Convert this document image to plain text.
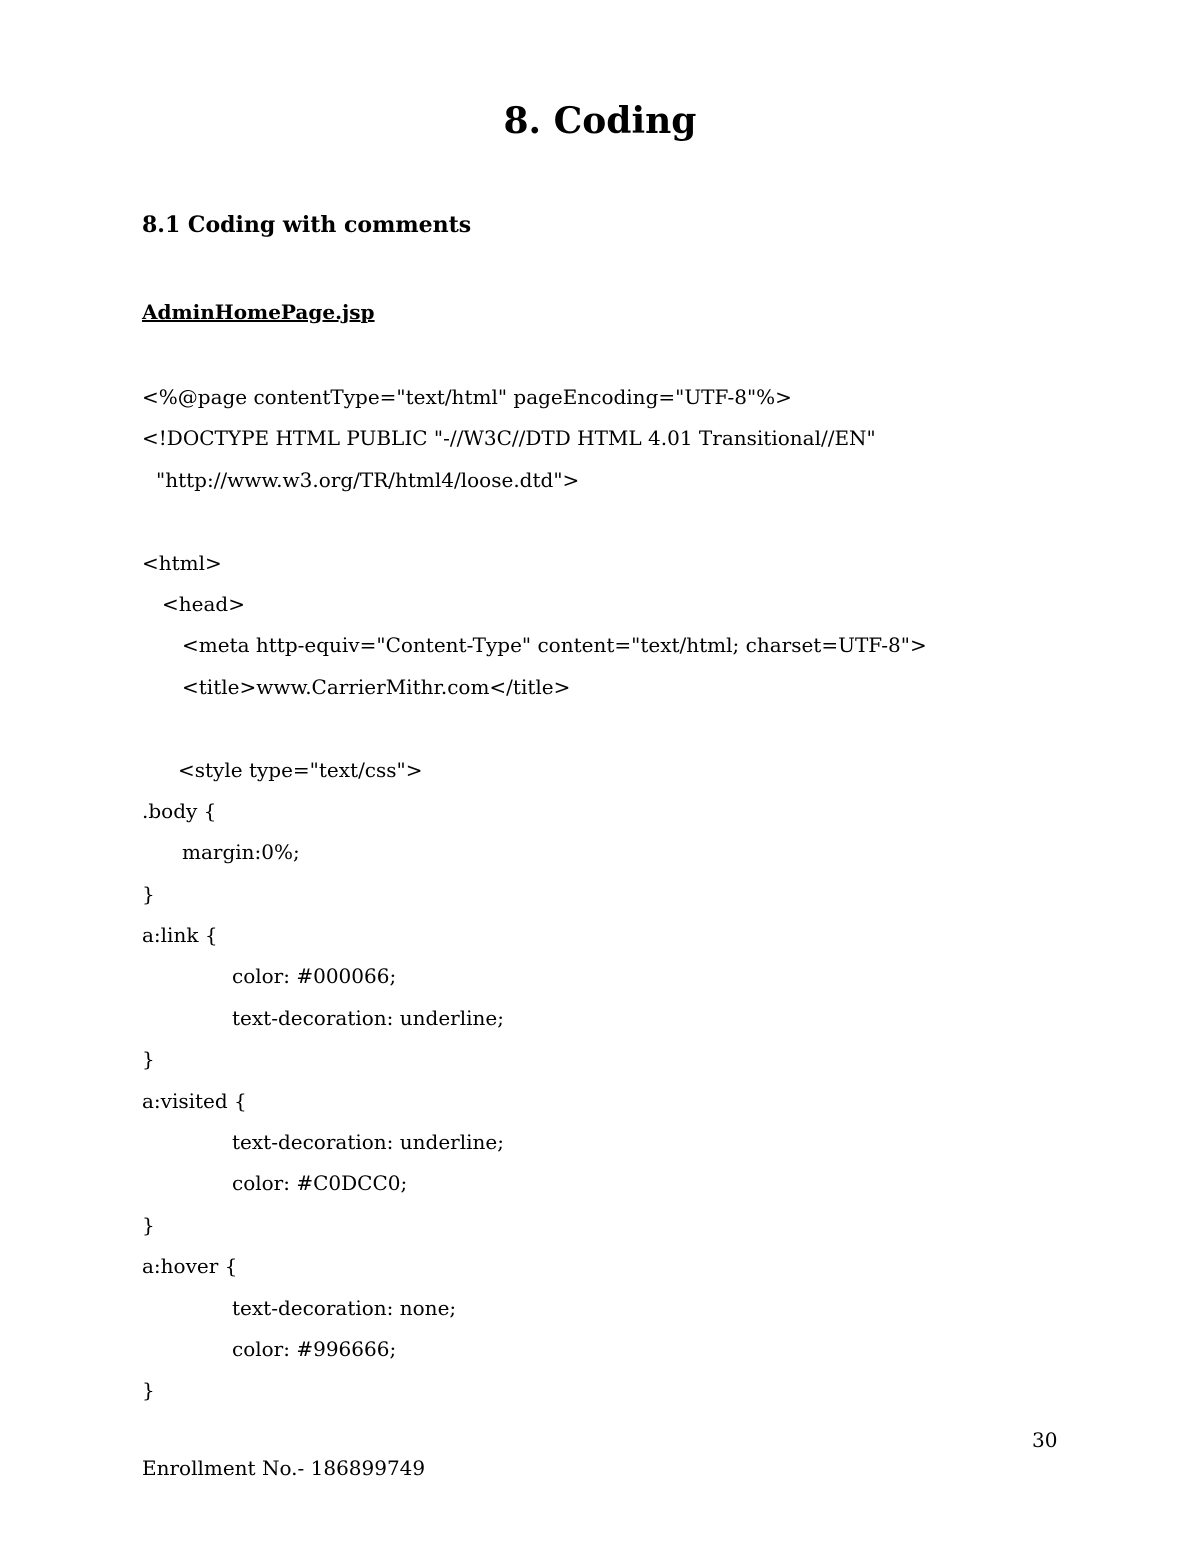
8. Coding
8.1 Coding with comments
AdminHomePage.jsp
<%@page contentType="text/html" pageEncoding="UTF-8"%>
<!DOCTYPE HTML PUBLIC "-//W3C//DTD HTML 4.01 Transitional//EN"
"http://www.w3.org/TR/html4/loose.dtd">
<html>
<head>
<meta http-equiv="Content-Type" content="text/html; charset=UTF-8">
<title>www.CarrierMithr.com</title>
<style type="text/css">
.body {
margin:0%;
}
a:link {
color: #000066;
text-decoration: underline;
}
a:visited {
text-decoration: underline;
color: #C0DCC0;
}
a:hover {
text-decoration: none;
color: #996666;
}
30
Enrollment No.- 186899749
